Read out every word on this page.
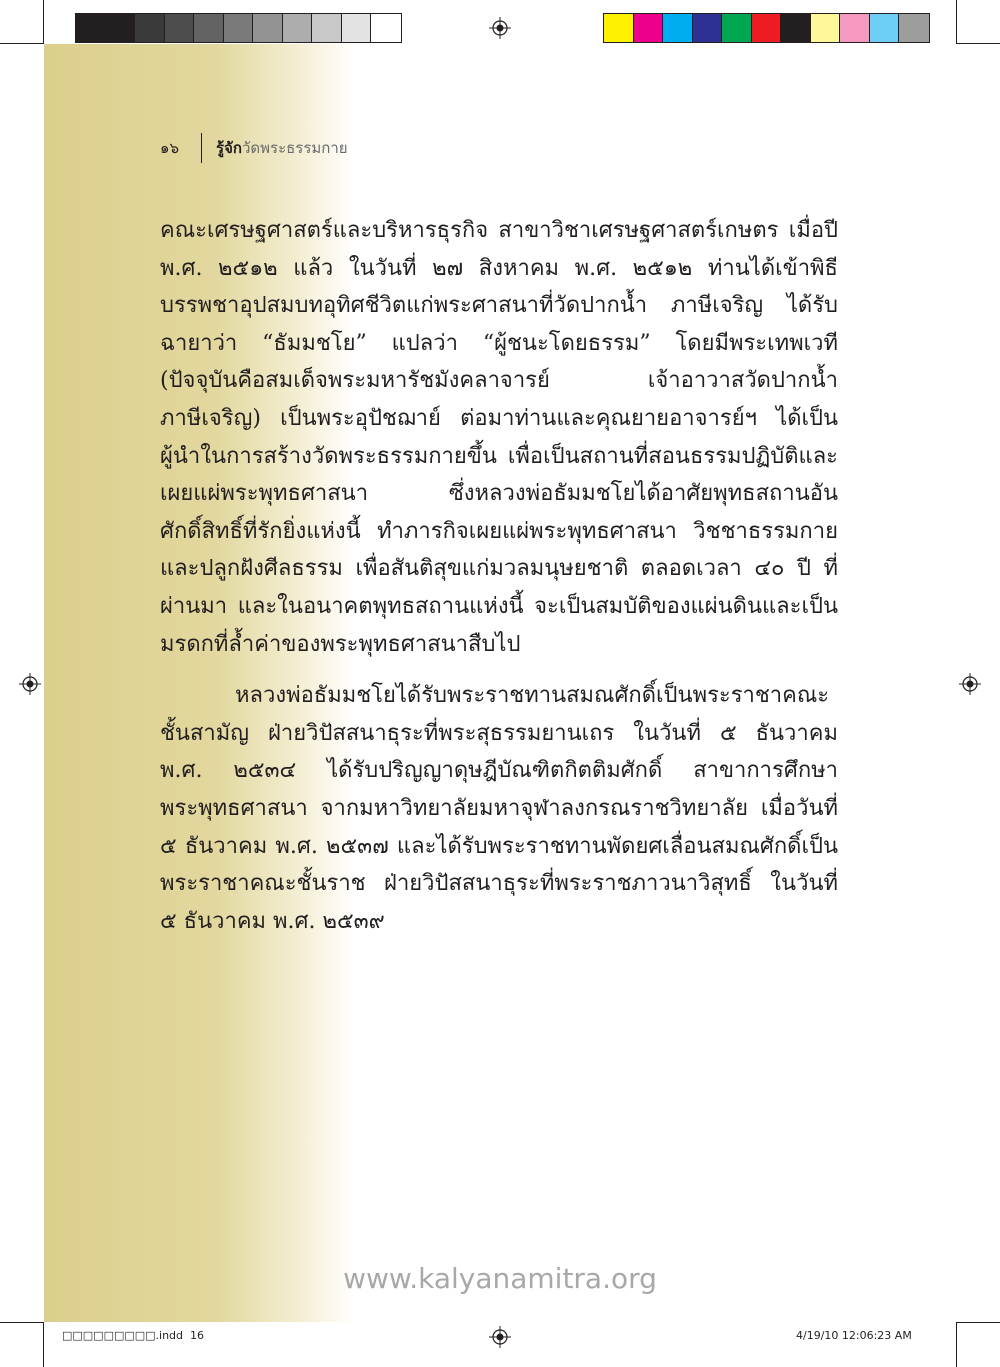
๑๖ รู้จัก วัดพระธรรมกาย

คณะเศรษฐศาสตร์และบริหารธุรกิจ สาขาวิชาเศรษฐศาสตร์เกษตร เมื่อปี พ.ศ. ๒๕๑๒ แล้ว ในวันที่ ๒๗ สิงหาคม พ.ศ. ๒๕๑๒ ท่านได้เข้าพิธีบรรพชาอุปสมบทอุทิศชีวิตแก่พระศาสนาที่วัดปากน้ำ ภาษีเจริญ ได้รับฉายาว่า “ธัมมชโย” แปลว่า “ผู้ชนะโดยธรรม” โดยมีพระเทพเวที (ปัจจุบันคือสมเด็จพระมหารัชมังคลาจารย์ เจ้าอาวาสวัดปากน้ำ ภาษีเจริญ) เป็นพระอุปัชฌาย์ ต่อมาท่านและคุณยายอาจารย์ฯ ได้เป็นผู้นำในการสร้างวัดพระธรรมกายขึ้น เพื่อเป็นสถานที่สอนธรรมปฏิบัติและเผยแผ่พระพุทธศาสนา ซึ่งหลวงพ่อธัมมชโยได้อาศัยพุทธสถานอันศักดิ์สิทธิ์ที่รักยิ่งแห่งนี้ ทำภารกิจเผยแผ่พระพุทธศาสนา วิชชาธรรมกาย และปลูกฝังศีลธรรม เพื่อสันติสุขแก่มวลมนุษยชาติ ตลอดเวลา ๔๐ ปี ที่ผ่านมา และในอนาคตพุทธสถานแห่งนี้ จะเป็นสมบัติของแผ่นดินและเป็นมรดกที่ล้ำค่าของพระพุทธศาสนาสืบไป

หลวงพ่อธัมมชโยได้รับพระราชทานสมณศักดิ์เป็นพระราชาคณะชั้นสามัญ ฝ่ายวิปัสสนาธุระที่พระสุธรรมยานเถร ในวันที่ ๕ ธันวาคม พ.ศ. ๒๕๓๔ ได้รับปริญญาดุษฎีบัณฑิตกิตติมศักดิ์ สาขาการศึกษาพระพุทธศาสนา จากมหาวิทยาลัยมหาจุฬาลงกรณราชวิทยาลัย เมื่อวันที่ ๕ ธันวาคม พ.ศ. ๒๕๓๗ และได้รับพระราชทานพัดยศเลื่อนสมณศักดิ์เป็นพระราชาคณะชั้นราช ฝ่ายวิปัสสนาธุระที่พระราชภาวนาวิสุทธิ์ ในวันที่ ๕ ธันวาคม พ.ศ. ๒๕๓๙

www.kalyanamitra.org
□□□□□□□□□.indd 16	4/19/10 12:06:23 AM
